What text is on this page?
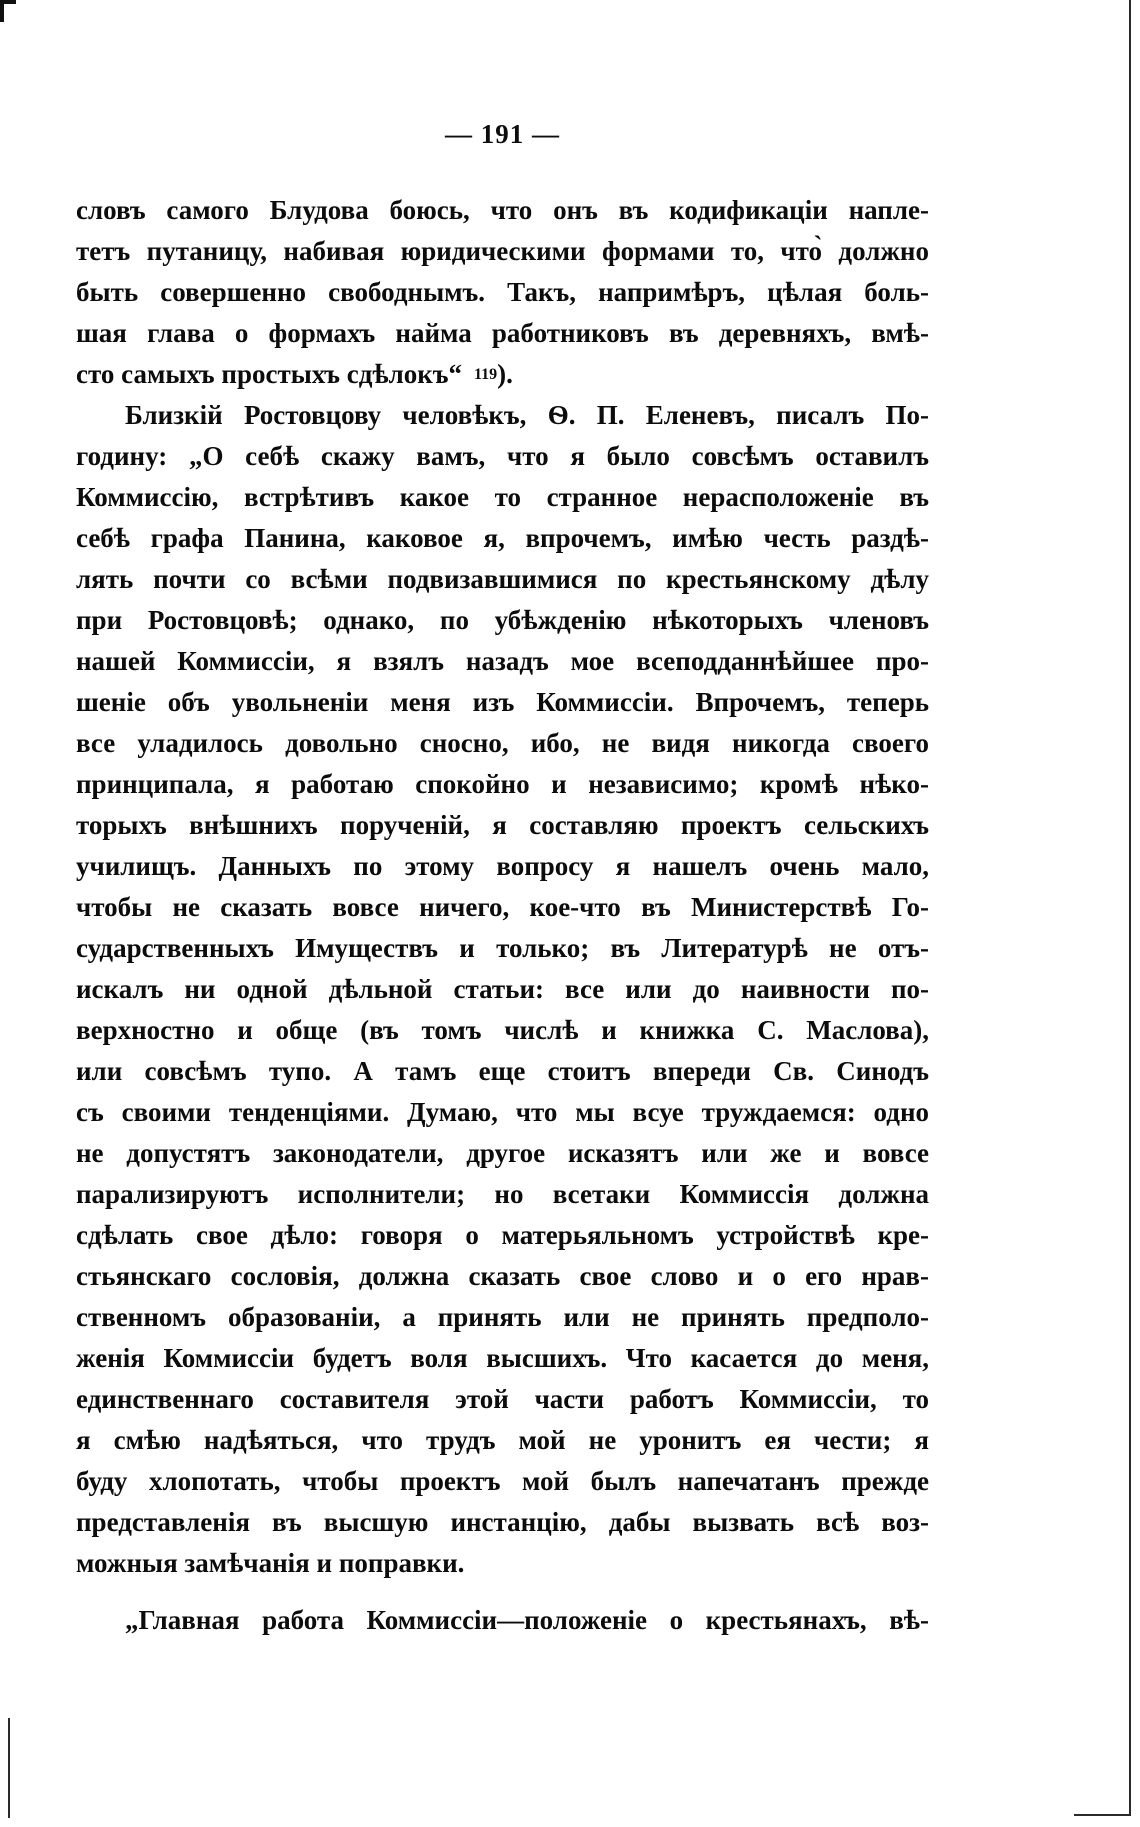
— 191 —
словъ самого Блудова боюсь, что онъ въ кодификаціи напле-
тетъ путаницу, набивая юридическими формами то, что̀ должно
быть совершенно свободнымъ. Такъ, напримѣръ, цѣлая боль-
шая глава о формахъ найма работниковъ въ деревняхъ, вмѣ-
сто самыхъ простыхъ сдѣлокъ“ $^{119}$).
Близкій Ростовцову человѣкъ, Ѳ. П. Еленевъ, писалъ По-
годину: „О себѣ скажу вамъ, что я было совсѣмъ оставилъ
Коммиссію, встрѣтивъ какое то странное нерасположеніе въ
себѣ графа Панина, каковое я, впрочемъ, имѣю честь раздѣ-
лять почти со всѣми подвизавшимися по крестьянскому дѣлу
при Ростовцовѣ; однако, по убѣжденію нѣкоторыхъ членовъ
нашей Коммиссіи, я взялъ назадъ мое всеподданнѣйшее про-
шеніе объ увольненіи меня изъ Коммиссіи. Впрочемъ, теперь
все уладилось довольно сносно, ибо, не видя никогда своего
принципала, я работаю спокойно и независимо; кромѣ нѣко-
торыхъ внѣшнихъ порученій, я составляю проектъ сельскихъ
училищъ. Данныхъ по этому вопросу я нашелъ очень мало,
чтобы не сказать вовсе ничего, кое-что въ Министерствѣ Го-
сударственныхъ Имуществъ и только; въ Литературѣ не отъ-
искалъ ни одной дѣльной статьи: все или до наивности по-
верхностно и обще (въ томъ числѣ и книжка С. Маслова),
или совсѣмъ тупо. А тамъ еще стоитъ впереди Св. Синодъ
съ своими тенденціями. Думаю, что мы всуе труждаемся: одно
не допустятъ законодатели, другое исказятъ или же и вовсе
парализируютъ исполнители; но всетаки Коммиссія должна
сдѣлать свое дѣло: говоря о матерьяльномъ устройствѣ кре-
стьянскаго сословія, должна сказать свое слово и о его нрав-
ственномъ образованіи, а принять или не принять предполо-
женія Коммиссіи будетъ воля высшихъ. Что касается до меня,
единственнаго составителя этой части работъ Коммиссіи, то
я смѣю надѣяться, что трудъ мой не уронитъ ея чести; я
буду хлопотать, чтобы проектъ мой былъ напечатанъ прежде
представленія въ высшую инстанцію, дабы вызвать всѣ воз-
можныя замѣчанія и поправки.
„Главная работа Коммиссіи—положеніе о крестьянахъ, вѣ-
